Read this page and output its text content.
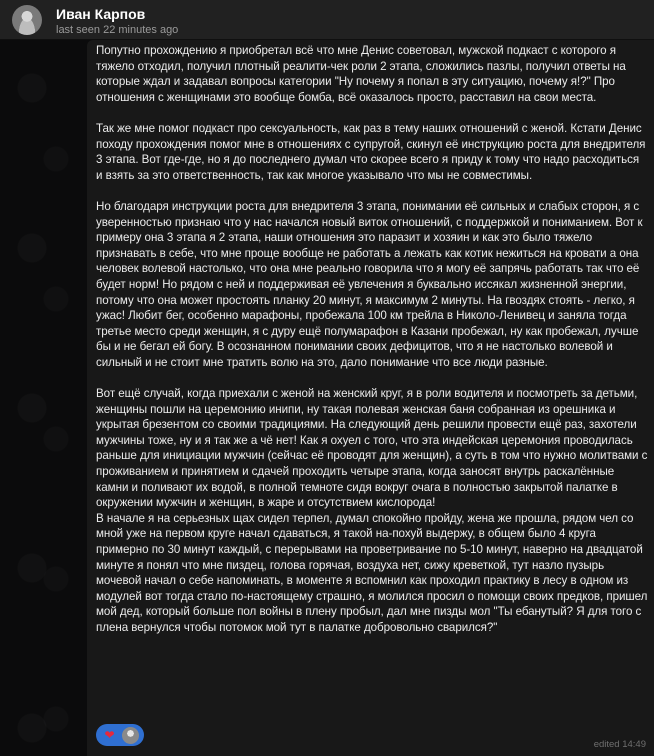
Иван Карпов
last seen 22 minutes ago

Попутно прохождению я приобретал всё что мне Денис советовал, мужской подкаст с которого я тяжело отходил, получил плотный реалити-чек роли 2 этапа, сложились пазлы, получил ответы на которые ждал и задавал вопросы категории "Ну почему я попал в эту ситуацию, почему я!?" Про отношения с женщинами это вообще бомба, всё оказалось просто, расставил на свои места.

Так же мне помог подкаст про сексуальность, как раз в тему наших отношений с женой. Кстати Денис походу прохождения помог мне в отношениях с супругой, скинул её инструкцию роста для внедрителя 3 этапа. Вот где-где, но я до последнего думал что скорее всего я приду к тому что надо расходиться и взять за это ответственность, так как многое указывало что мы не совместимы.

Но благодаря инструкции роста для внедрителя 3 этапа, понимании её сильных и слабых сторон, я с уверенностью признаю что у нас начался новый виток отношений, с поддержкой и пониманием. Вот к примеру она 3 этапа я 2 этапа, наши отношения это паразит и хозяин и как это было тяжело признавать в себе, что мне проще вообще не работать а лежать как котик нежиться на кровати а она человек волевой настолько, что она мне реально говорила что я могу её запрячь работать так что её будет норм! Но рядом с ней и поддерживая её увлечения я буквально иссякал жизненной энергии, потому что она может простоять планку 20 минут, я максимум 2 минуты. На гвоздях стоять - легко, я ужас! Любит бег, особенно марафоны, пробежала 100 км трейла в Николо-Ленивец и заняла тогда третье место среди женщин, я с дуру ещё полумарафон в Казани пробежал, ну как пробежал, лучше бы и не бегал ей богу. В осознанном понимании своих дефицитов, что я не настолько волевой и сильный и не стоит мне тратить волю на это, дало понимание что все люди разные.

Вот ещё случай, когда приехали с женой на женский круг, я в роли водителя и посмотреть за детьми, женщины пошли на церемонию инипи, ну такая полевая женская баня собранная из орешника и укрытая брезентом со своими традициями. На следующий день решили провести ещё раз, захотели мужчины тоже, ну и я так же а чё нет! Как я охуел с того, что эта индейская церемония проводилась раньше для инициации мужчин (сейчас её проводят для женщин), а суть в том что нужно молитвами с проживанием и принятием и сдачей проходить четыре этапа, когда заносят внутрь раскалённые камни и поливают их водой, в полной темноте сидя вокруг очага в полностью закрытой палатке в окружении мужчин и женщин, в жаре и отсутствием кислорода!

В начале я на серьезных щах сидел терпел, думал спокойно пройду, жена же прошла, рядом чел со мной уже на первом круге начал сдаваться, я такой на-похуй выдержу, в общем было 4 круга примерно по 30 минут каждый, с перерывами на проветривание по 5-10 минут, наверно на двадцатой минуте я понял что мне пиздец, голова горячая, воздуха нет, сижу креветкой, тут назло пузырь мочевой начал о себе напоминать, в моменте я вспомнил как проходил практику в лесу в одном из модулей вот тогда стало по-настоящему страшно, я молился просил о помощи своих предков, пришел мой дед, который больше пол войны в плену пробыл, дал мне пизды мол "Ты ебанутый? Я для того с плена вернулся чтобы потомок мой тут в палатке добровольно сварился?"

❤
edited 14:49
